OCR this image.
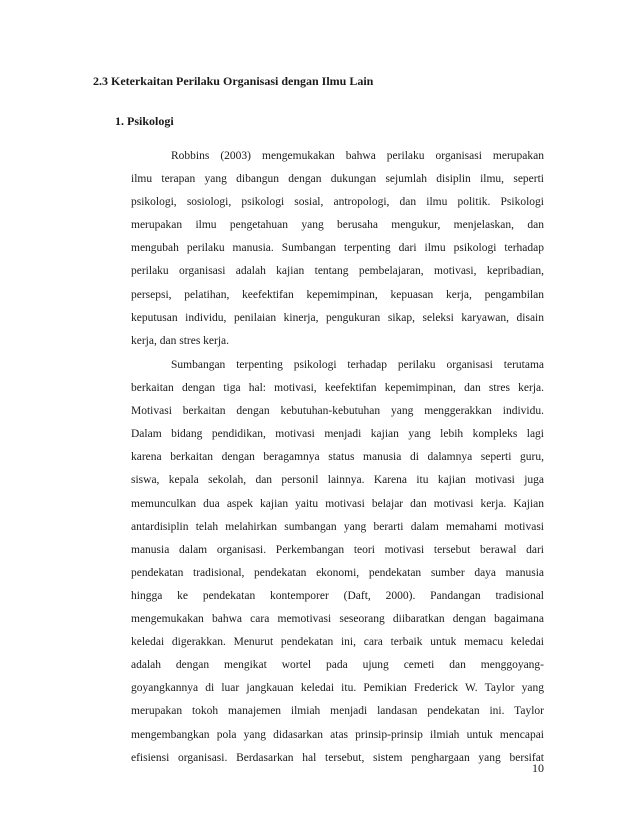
2.3 Keterkaitan Perilaku Organisasi dengan Ilmu Lain
1. Psikologi
Robbins (2003) mengemukakan bahwa perilaku organisasi merupakan
ilmu terapan yang dibangun dengan dukungan sejumlah disiplin ilmu, seperti
psikologi, sosiologi, psikologi sosial, antropologi, dan ilmu politik. Psikologi
merupakan ilmu pengetahuan yang berusaha mengukur, menjelaskan, dan
mengubah perilaku manusia. Sumbangan terpenting dari ilmu psikologi terhadap
perilaku organisasi adalah kajian tentang pembelajaran, motivasi, kepribadian,
persepsi, pelatihan, keefektifan kepemimpinan, kepuasan kerja, pengambilan
keputusan individu, penilaian kinerja, pengukuran sikap, seleksi karyawan, disain
kerja, dan stres kerja.
Sumbangan terpenting psikologi terhadap perilaku organisasi terutama
berkaitan dengan tiga hal: motivasi, keefektifan kepemimpinan, dan stres kerja.
Motivasi berkaitan dengan kebutuhan-kebutuhan yang menggerakkan individu.
Dalam bidang pendidikan, motivasi menjadi kajian yang lebih kompleks lagi
karena berkaitan dengan beragamnya status manusia di dalamnya seperti guru,
siswa, kepala sekolah, dan personil lainnya. Karena itu kajian motivasi juga
memunculkan dua aspek kajian yaitu motivasi belajar dan motivasi kerja. Kajian
antardisiplin telah melahirkan sumbangan yang berarti dalam memahami motivasi
manusia dalam organisasi. Perkembangan teori motivasi tersebut berawal dari
pendekatan tradisional, pendekatan ekonomi, pendekatan sumber daya manusia
hingga ke pendekatan kontemporer (Daft, 2000). Pandangan tradisional
mengemukakan bahwa cara memotivasi seseorang diibaratkan dengan bagaimana
keledai digerakkan. Menurut pendekatan ini, cara terbaik untuk memacu keledai
adalah dengan mengikat wortel pada ujung cemeti dan menggoyang-
goyangkannya di luar jangkauan keledai itu. Pemikian Frederick W. Taylor yang
merupakan tokoh manajemen ilmiah menjadi landasan pendekatan ini. Taylor
mengembangkan pola yang didasarkan atas prinsip-prinsip ilmiah untuk mencapai
efisiensi organisasi. Berdasarkan hal tersebut, sistem penghargaan yang bersifat
10
